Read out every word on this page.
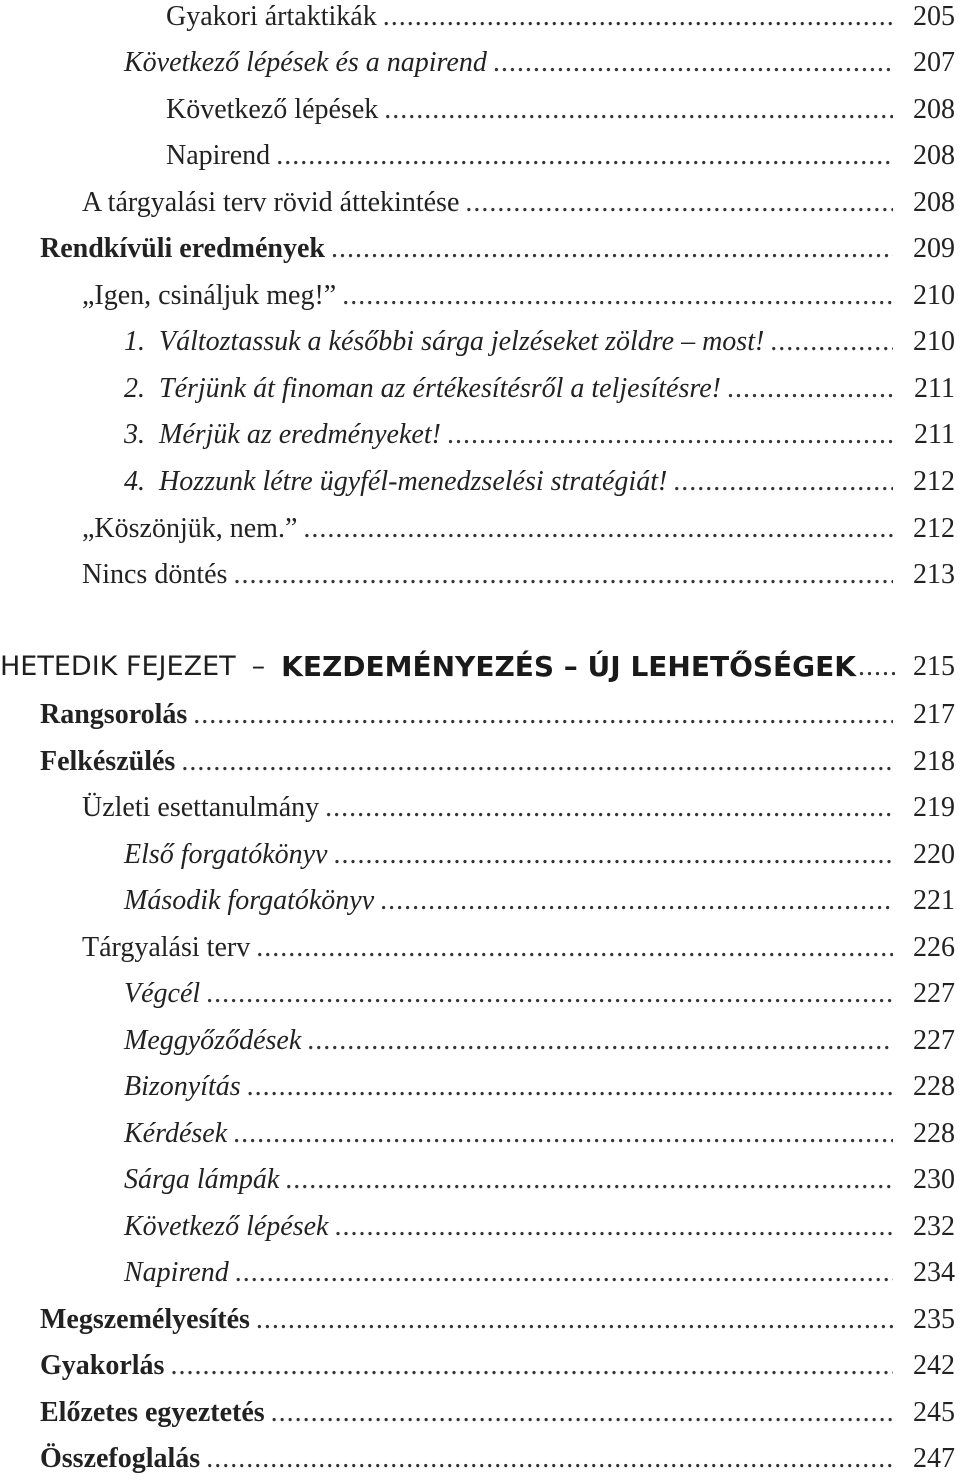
Gyakori ártaktikák .....	205
Következő lépések és a napirend .....	207
Következő lépések .....	208
Napirend .....	208
A tárgyalási terv rövid áttekintése .....	208
Rendkívüli eredmények .....	209
„Igen, csináljuk meg!” .....	210
1.  Változtassuk a későbbi sárga jelzéseket zöldre – most! .....	210
2.  Térjünk át finoman az értékesítésről a teljesítésre! .....	211
3.  Mérjük az eredményeket! .....	211
4.  Hozzunk létre ügyfél-menedzselési stratégiát! .....	212
„Köszönjük, nem.” .....	212
Nincs döntés .....	213
HETEDIK FEJEZET – KEZDEMÉNYEZÉS – ÚJ LEHETŐSÉGEK ..... 215
Rangsorolás .....	217
Felkészülés .....	218
Üzleti esettanulmány .....	219
Első forgatókönyv .....	220
Második forgatókönyv .....	221
Tárgyalási terv .....	226
Végcél .....	227
Meggyőződések .....	227
Bizonyítás .....	228
Kérdések .....	228
Sárga lámpák .....	230
Következő lépések .....	232
Napirend .....	234
Megszemélyesítés .....	235
Gyakorlás .....	242
Előzetes egyeztetés .....	245
Összefoglalás .....	247
